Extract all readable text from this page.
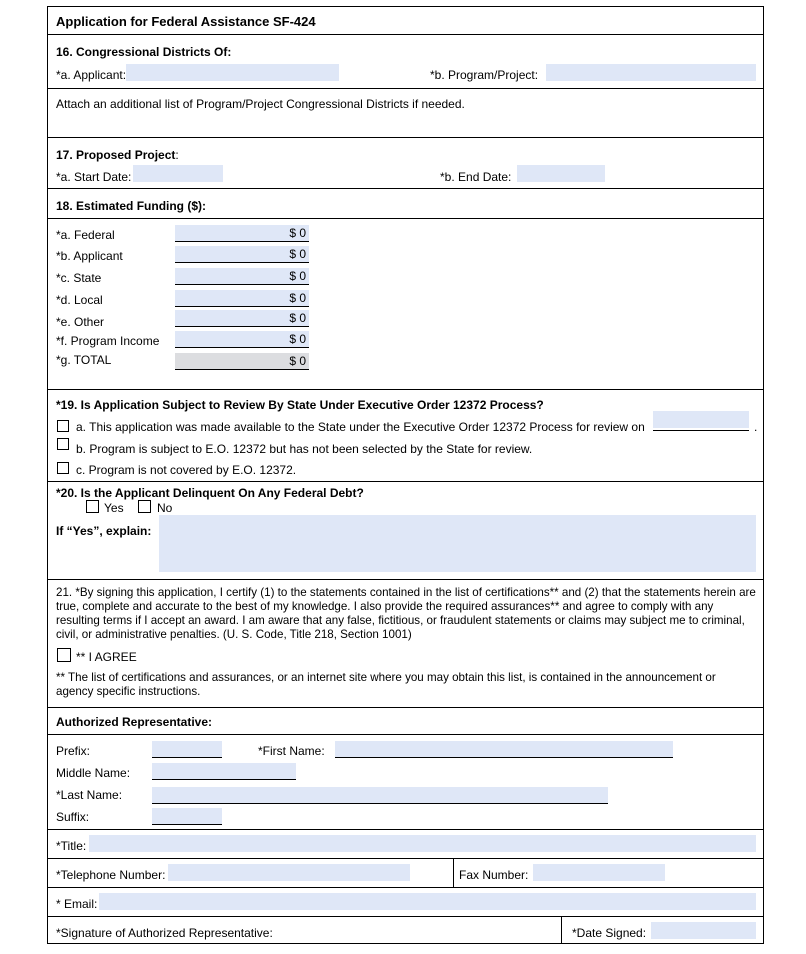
Application for Federal Assistance SF-424
16. Congressional Districts Of:
*a. Applicant:	*b. Program/Project:
Attach an additional list of Program/Project Congressional Districts if needed.
17. Proposed Project:
*a. Start Date:	*b. End Date:
18. Estimated Funding ($):
*a. Federal	$ 0
*b. Applicant	$ 0
*c. State	$ 0
*d. Local	$ 0
*e. Other	$ 0
*f. Program Income	$ 0
*g. TOTAL	$ 0
*19. Is Application Subject to Review By State Under Executive Order 12372 Process?
a. This application was made available to the State under the Executive Order 12372 Process for review on	.
b. Program is subject to E.O. 12372 but has not been selected by the State for review.
c. Program is not covered by E.O. 12372.
*20. Is the Applicant Delinquent On Any Federal Debt?
Yes	No
If “Yes”, explain:
21. *By signing this application, I certify (1) to the statements contained in the list of certifications** and (2) that the statements herein are true, complete and accurate to the best of my knowledge. I also provide the required assurances** and agree to comply with any resulting terms if I accept an award. I am aware that any false, fictitious, or fraudulent statements or claims may subject me to criminal, civil, or administrative penalties. (U. S. Code, Title 218, Section 1001)
** I AGREE
** The list of certifications and assurances, or an internet site where you may obtain this list, is contained in the announcement or agency specific instructions.
Authorized Representative:
Prefix:	*First Name:
Middle Name:
*Last Name:
Suffix:
*Title:
*Telephone Number:	Fax Number:
* Email:
*Signature of Authorized Representative:	*Date Signed:
